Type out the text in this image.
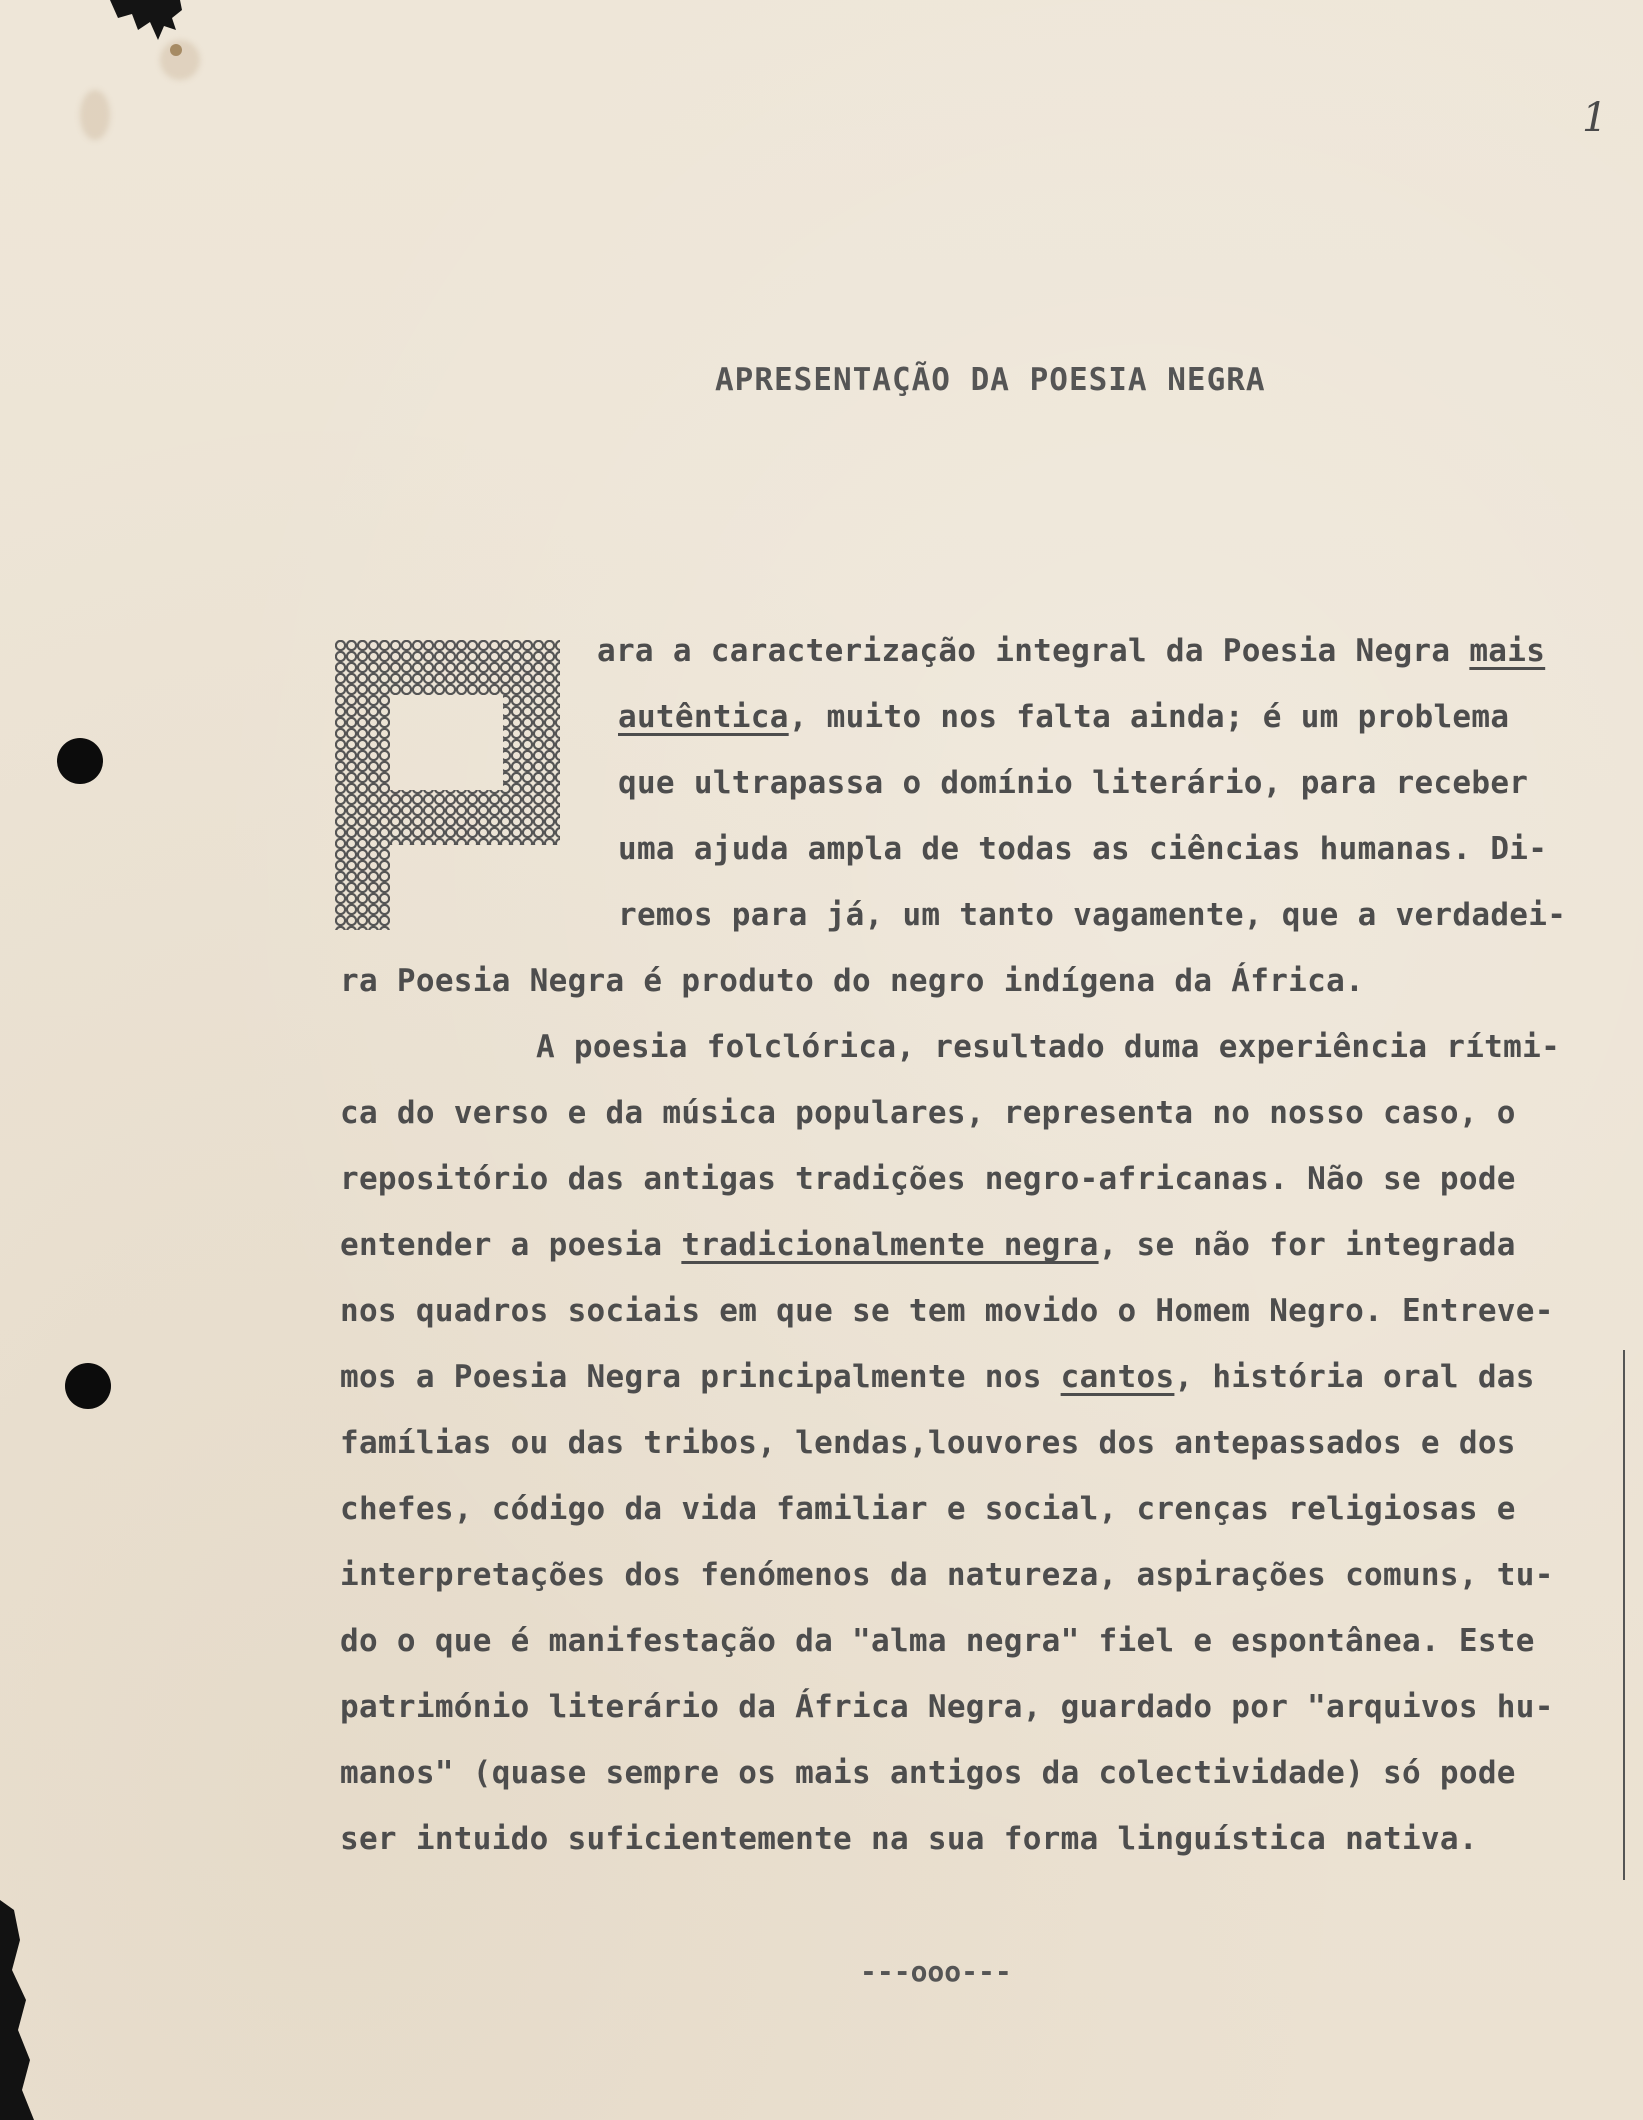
1
APRESENTAÇÃO DA POESIA NEGRA
ara a caracterização integral da Poesia Negra mais
autêntica, muito nos falta ainda; é um problema
que ultrapassa o domínio literário, para receber
uma ajuda ampla de todas as ciências humanas. Di-
remos para já, um tanto vagamente, que a verdadei-
ra Poesia Negra é produto do negro indígena da África.
A poesia folclórica, resultado duma experiência rítmi-
ca do verso e da música populares, representa no nosso caso, o
repositório das antigas tradições negro-africanas. Não se pode
entender a poesia tradicionalmente negra, se não for integrada
nos quadros sociais em que se tem movido o Homem Negro. Entreve-
mos a Poesia Negra principalmente nos cantos, história oral das
famílias ou das tribos, lendas,louvores dos antepassados e dos
chefes, código da vida familiar e social, crenças religiosas e
interpretações dos fenómenos da natureza, aspirações comuns, tu-
do o que é manifestação da "alma negra" fiel e espontânea. Este
património literário da África Negra, guardado por "arquivos hu-
manos" (quase sempre os mais antigos da colectividade) só pode
ser intuido suficientemente na sua forma linguística nativa.
---ooo---
